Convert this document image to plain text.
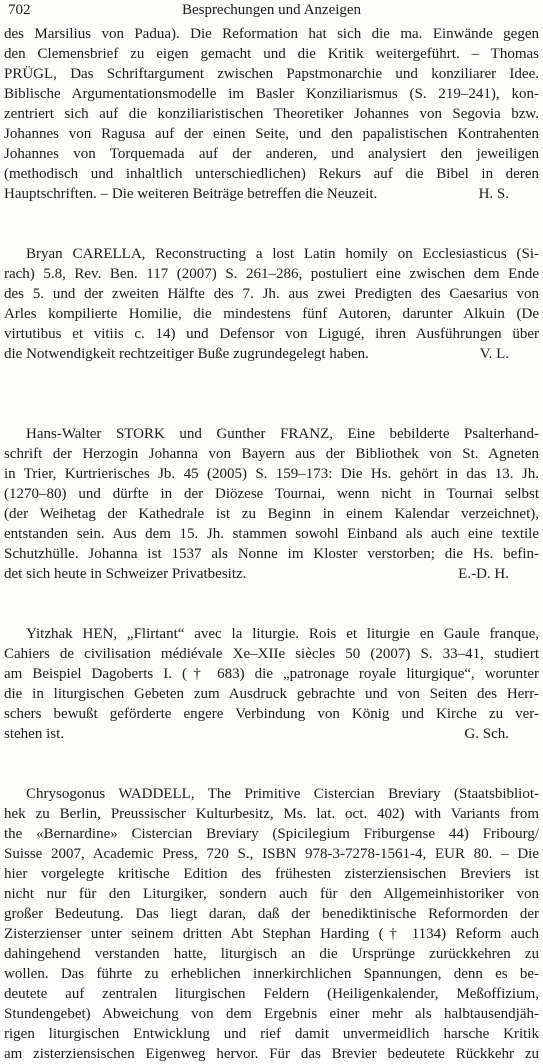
702	Besprechungen und Anzeigen
des Marsilius von Padua). Die Reformation hat sich die ma. Einwände gegen
den Clemensbrief zu eigen gemacht und die Kritik weitergeführt. – Thomas
PRÜGL, Das Schriftargument zwischen Papstmonarchie und konziliarer Idee.
Biblische Argumentationsmodelle im Basler Konziliarismus (S. 219–241), kon-
zentriert sich auf die konziliaristischen Theoretiker Johannes von Segovia bzw.
Johannes von Ragusa auf der einen Seite, und den papalistischen Kontrahenten
Johannes von Torquemada auf der anderen, und analysiert den jeweiligen
(methodisch und inhaltlich unterschiedlichen) Rekurs auf die Bibel in deren
Hauptschriften. – Die weiteren Beiträge betreffen die Neuzeit.	H. S.
Bryan CARELLA, Reconstructing a lost Latin homily on Ecclesiasticus (Si-
rach) 5.8, Rev. Ben. 117 (2007) S. 261–286, postuliert eine zwischen dem Ende
des 5. und der zweiten Hälfte des 7. Jh. aus zwei Predigten des Caesarius von
Arles kompilierte Homilie, die mindestens fünf Autoren, darunter Alkuin (De
virtutibus et vitiis c. 14) und Defensor von Ligugé, ihren Ausführungen über
die Notwendigkeit rechtzeitiger Buße zugrundegelegt haben.	V. L.
Hans-Walter STORK und Gunther FRANZ, Eine bebilderte Psalterhand-
schrift der Herzogin Johanna von Bayern aus der Bibliothek von St. Agneten
in Trier, Kurtrierisches Jb. 45 (2005) S. 159–173: Die Hs. gehört in das 13. Jh.
(1270–80) und dürfte in der Diözese Tournai, wenn nicht in Tournai selbst
(der Weihetag der Kathedrale ist zu Beginn in einem Kalendar verzeichnet),
entstanden sein. Aus dem 15. Jh. stammen sowohl Einband als auch eine textile
Schutzhülle. Johanna ist 1537 als Nonne im Kloster verstorben; die Hs. befin-
det sich heute in Schweizer Privatbesitz.	E.-D. H.
Yitzhak HEN, „Flirtant“ avec la liturgie. Rois et liturgie en Gaule franque,
Cahiers de civilisation médiévale Xe–XIIe siècles 50 (2007) S. 33–41, studiert
am Beispiel Dagoberts I. († 683) die „patronage royale liturgique“, worunter
die in liturgischen Gebeten zum Ausdruck gebrachte und von Seiten des Herr-
schers bewußt geförderte engere Verbindung von König und Kirche zu ver-
stehen ist.	G. Sch.
Chrysogonus WADDELL, The Primitive Cistercian Breviary (Staatsbibliot-
hek zu Berlin, Preussischer Kulturbesitz, Ms. lat. oct. 402) with Variants from
the «Bernardine» Cistercian Breviary (Spicilegium Friburgense 44) Fribourg/
Suisse 2007, Academic Press, 720 S., ISBN 978-3-7278-1561-4, EUR 80. – Die
hier vorgelegte kritische Edition des frühesten zisterziensischen Breviers ist
nicht nur für den Liturgiker, sondern auch für den Allgemeinhistoriker von
großer Bedeutung. Das liegt daran, daß der benediktinische Reformorden der
Zisterzienser unter seinem dritten Abt Stephan Harding († 1134) Reform auch
dahingehend verstanden hatte, liturgisch an die Ursprünge zurückkehren zu
wollen. Das führte zu erheblichen innerkirchlichen Spannungen, denn es be-
deutete auf zentralen liturgischen Feldern (Heiligenkalender, Meßoffizium,
Stundengebet) Abweichung von dem Ergebnis einer mehr als halbtausendjäh-
rigen liturgischen Entwicklung und rief damit unvermeidlich harsche Kritik
am zisterziensischen Eigenweg hervor. Für das Brevier bedeutete Rückkehr zu
